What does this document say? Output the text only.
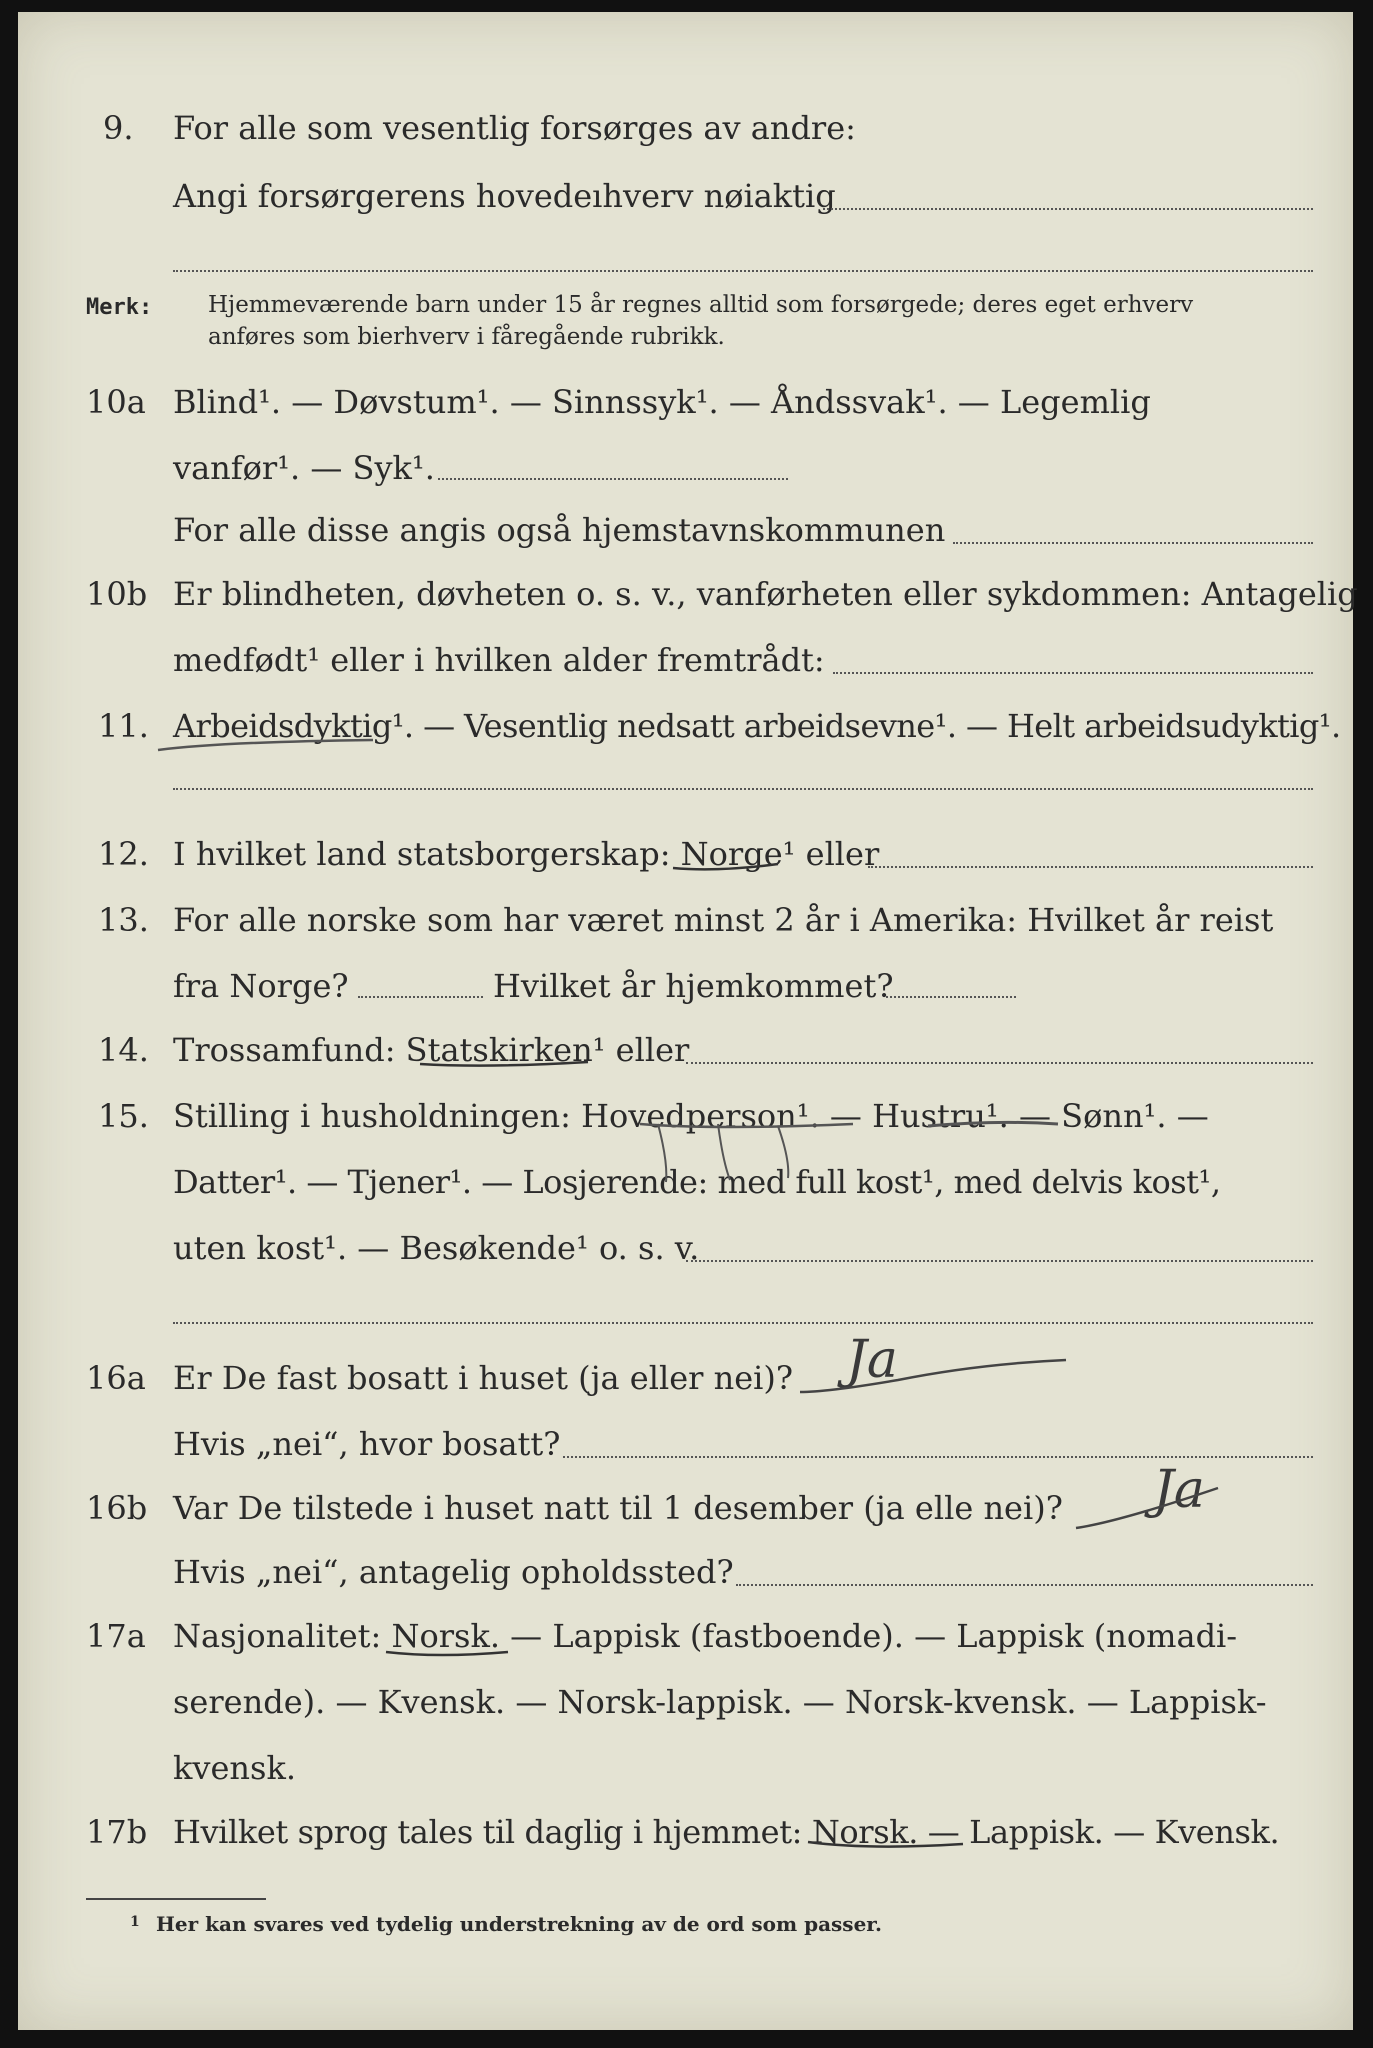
9. For alle som vesentlig forsørges av andre:
Angi forsørgerens hovedeıhverv nøiaktig
Merk: Hjemmeværende barn under 15 år regnes alltid som forsørgede; deres eget erhverv
anføres som bierhverv i fåregående rubrikk.
10a Blind¹. — Døvstum¹. — Sinnssyk¹. — Åndssvak¹. — Legemlig
vanfør¹. — Syk¹.
For alle disse angis også hjemstavnskommunen
10b Er blindheten, døvheten o. s. v., vanførheten eller sykdommen: Antagelig
medfødt¹ eller i hvilken alder fremtrådt:
11. Arbeidsdyktig¹. — Vesentlig nedsatt arbeidsevne¹. — Helt arbeidsudyktig¹.
12. I hvilket land statsborgerskap: Norge¹ eller
13. For alle norske som har været minst 2 år i Amerika: Hvilket år reist
fra Norge?	Hvilket år hjemkommet?
14. Trossamfund: Statskirken¹ eller
15. Stilling i husholdningen: Hovedperson¹. — Hustru¹. — Sønn¹. —
Datter¹. — Tjener¹. — Losjerende: med full kost¹, med delvis kost¹,
uten kost¹. — Besøkende¹ o. s. v.
16a Er De fast bosatt i huset (ja eller nei)? Ja
Hvis „nei“, hvor bosatt?
16b Var De tilstede i huset natt til 1 desember (ja elle nei)? Ja
Hvis „nei“, antagelig opholdssted?
17a Nasjonalitet: Norsk. — Lappisk (fastboende). — Lappisk (nomadi-
serende). — Kvensk. — Norsk-lappisk. — Norsk-kvensk. — Lappisk-
kvensk.
17b Hvilket sprog tales til daglig i hjemmet: Norsk. — Lappisk. — Kvensk.
1 Her kan svares ved tydelig understrekning av de ord som passer.
